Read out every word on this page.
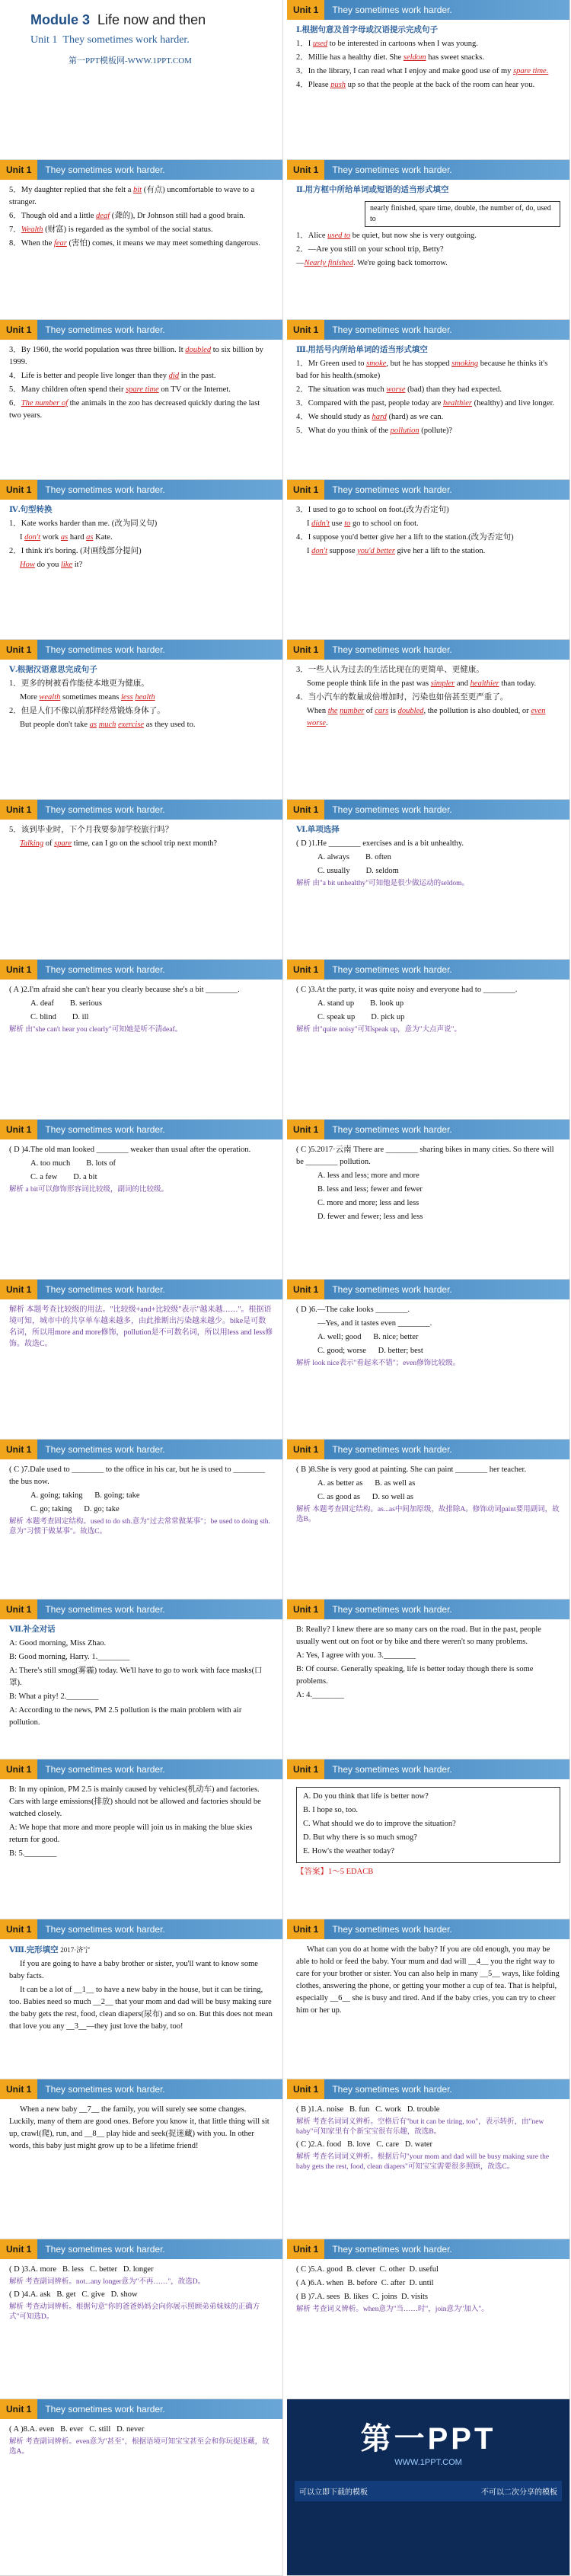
Module 3 Life now and then
Unit 1 They sometimes work harder.
第一PPT模板网-WWW.1PPT.COM
Unit 1	They sometimes work harder.

Ⅰ.根据句意及首字母或汉语提示完成句子

1．I used to be interested in cartoons when I was young.

2．Millie has a healthy diet. She seldom has sweet snacks.

3．In the library, I can read what I enjoy and make good use of my spare time.

4．Please push up so that the people at the back of the room can hear you.

Unit 1	They sometimes work harder.

5．My daughter replied that she felt a bit (有点) uncomfortable to wave to a stranger.

6．Though old and a little deaf (聋的), Dr Johnson still had a good brain.

7．Wealth (财富) is regarded as the symbol of the social status.

8．When the fear (害怕) comes, it means we may meet something dangerous.

Unit 1	They sometimes work harder.

Ⅱ.用方框中所给单词或短语的适当形式填空

nearly finished, spare time, double, the number of, do, used to

1．Alice used to be quiet, but now she is very outgoing.

2．—Are you still on your school trip, Betty?

—Nearly finished. We're going back tomorrow.

Unit 1	They sometimes work harder.

3．By 1960, the world population was three billion. It doubled to six billion by 1999.

4．Life is better and people live longer than they did in the past.

5．Many children often spend their spare time on TV or the Internet.

6．The number of the animals in the zoo has decreased quickly during the last two years.

Unit 1	They sometimes work harder.

Ⅲ.用括号内所给单词的适当形式填空

1．Mr Green used to smoke, but he has stopped smoking because he thinks it's bad for his health.(smoke)

2．The situation was much worse (bad) than they had expected.

3．Compared with the past, people today are healthier (healthy) and live longer.

4．We should study as hard (hard) as we can.

5．What do you think of the pollution (pollute)?

Unit 1	They sometimes work harder.

Ⅳ.句型转换

1．Kate works harder than me. (改为同义句)

I don't work as hard as Kate.

2．I think it's boring. (对画线部分提问)

How do you like it?

Unit 1	They sometimes work harder.

3．I used to go to school on foot.(改为否定句)

I didn't use to go to school on foot.

4．I suppose you'd better give her a lift to the station.(改为否定句)

I don't suppose you'd better give her a lift to the station.

Unit 1	They sometimes work harder.

Ⅴ.根据汉语意思完成句子

1．更多的树被看作能使本地更为健康。

More wealth sometimes means less health

2．但是人们不像以前那样经常锻炼身体了。

But people don't take as much exercise as they used to.

Unit 1	They sometimes work harder.

3．一些人认为过去的生活比现在的更简单、更健康。

Some people think life in the past was simpler and healthier than today.

4．当小汽车的数量成倍增加时，污染也如倍甚至更严重了。

When the number of cars is doubled, the pollution is also doubled, or even worse.

Unit 1	They sometimes work harder.

5．该到毕业时，下个月我要参加学校旅行吗？

Talking of spare time, can I go on the school trip next month?

Unit 1	They sometimes work harder.

Ⅵ.单项选择

( D )1.He ________ exercises and is a bit unhealthy.

A. always B. often

C. usually D. seldom

解析 由"a bit unhealthy"可知他是很少做运动的seldom。

Unit 1	They sometimes work harder.

( A )2.I'm afraid she can't hear you clearly because she's a bit ________.

A. deaf B. serious

C. blind D. ill

解析 由"she can't hear you clearly"可知她是听不清deaf。

Unit 1	They sometimes work harder.

( C )3.At the party, it was quite noisy and everyone had to ________.

A. stand up B. look up

C. speak up D. pick up

解析 由"quite noisy"可知speak up，意为"大点声说"。

Unit 1	They sometimes work harder.

( D )4.The old man looked ________ weaker than usual after the operation.

A. too much B. lots of

C. a few D. a bit

解析 a bit可以修饰形容词比较级，副词的比较级。

Unit 1	They sometimes work harder.

( C )5.2017·云南 There are ________ sharing bikes in many cities. So there will be ________ pollution.

A. less and less; more and more

B. less and less; fewer and fewer

C. more and more; less and less

D. fewer and fewer; less and less

Unit 1	They sometimes work harder.

解析 本题考查比较级的用法。"比较级+and+比较级"表示"越来越……"。根据语境可知，城市中的共享单车越来越多，由此推断出污染越来越少。bike是可数名词，所以用more and more修饰，pollution是不可数名词，所以用less and less修饰。故选C。

Unit 1	They sometimes work harder.

( D )6.—The cake looks ________.

—Yes, and it tastes even ________.

A. well; good B. nice; better

C. good; worse D. better; best

解析 look nice表示"看起来不错"；even修饰比较级。

Unit 1	They sometimes work harder.

( C )7.Dale used to ________ to the office in his car, but he is used to ________ the bus now.

A. going; taking B. going; take

C. go; taking D. go; take

解析 本题考查固定结构。used to do sth.意为"过去常常做某事"；be used to doing sth.意为"习惯于做某事"。故选C。

Unit 1	They sometimes work harder.

( B )8.She is very good at painting. She can paint ________ her teacher.

A. as better as B. as well as

C. as good as D. so well as

解析 本题考查固定结构。as...as中间加原级，故排除A。修饰动词paint要用副词，故选B。

Unit 1	They sometimes work harder.

Ⅶ.补全对话

A: Good morning, Miss Zhao.

B: Good morning, Harry. 1.________

A: There's still smog(雾霾) today. We'll have to go to work with face masks(口罩).

B: What a pity! 2.________

A: According to the news, PM 2.5 pollution is the main problem with air pollution.

Unit 1	They sometimes work harder.

B: Really? I knew there are so many cars on the road. But in the past, people usually went out on foot or by bike and there weren't so many problems.

A: Yes, I agree with you. 3.________

B: Of course. Generally speaking, life is better today though there is some problems.

A: 4.________

Unit 1	They sometimes work harder.

B: In my opinion, PM 2.5 is mainly caused by vehicles(机动车) and factories. Cars with large emissions(排放) should not be allowed and factories should be watched closely.

A: We hope that more and more people will join us in making the blue skies return for good.

B: 5.________

Unit 1	They sometimes work harder.

A. Do you think that life is better now?

B. I hope so, too.

C. What should we do to improve the situation?

D. But why there is so much smog?

E. How's the weather today?

【答案】1～5 EDACB

Unit 1	They sometimes work harder.

Ⅷ.完形填空 2017·济宁

If you are going to have a baby brother or sister, you'll want to know some baby facts.

It can be a lot of __1__ to have a new baby in the house, but it can be tiring, too. Babies need so much __2__ that your mom and dad will be busy making sure the baby gets the rest, food, clean diapers(尿布) and so on. But this does not mean that love you any __3__—they just love the baby, too!

Unit 1	They sometimes work harder.

What can you do at home with the baby? If you are old enough, you may be able to hold or feed the baby. Your mum and dad will __4__ you the right way to care for your brother or sister. You can also help in many __5__ ways, like folding clothes, answering the phone, or getting your mother a cup of tea. That is helpful, especially __6__ she is busy and tired. And if the baby cries, you can try to cheer him or her up.

Unit 1	They sometimes work harder.

When a new baby __7__ the family, you will surely see some changes. Luckily, many of them are good ones. Before you know it, that little thing will sit up, crawl(爬), run, and __8__ play hide and seek(捉迷藏) with you. In other words, this baby just might grow up to be a lifetime friend!

Unit 1	They sometimes work harder.

( B )1.A. noise B. fun C. work D. trouble

解析 考查名词词义辨析。空格后有"but it can be tiring, too"，表示转折，由"new baby"可知家里有个新宝宝很有乐趣，故选B。

( C )2.A. food B. love C. care D. water

解析 考查名词词义辨析。根据后句"your mom and dad will be busy making sure the baby gets the rest, food, clean diapers"可知宝宝需要很多照顾，故选C。

Unit 1	They sometimes work harder.

( D )3.A. more B. less C. better D. longer

解析 考查副词辨析。not...any longer意为"不再……"，故选D。

( D )4.A. ask B. get C. give D. show

解析 考查动词辨析。根据句意"你的爸爸妈妈会向你展示照顾弟弟妹妹的正确方式"可知选D。

Unit 1	They sometimes work harder.

( C )5.A. good B. clever C. other D. useful

( A )6.A. when B. before C. after D. until

( B )7.A. sees B. likes C. joins D. visits

解析 考查词义辨析。when意为"当……时"，join意为"加入"。

Unit 1	They sometimes work harder.

( A )8.A. even B. ever C. still D. never

解析 考查副词辨析。even意为"甚至"，根据语境可知宝宝甚至会和你玩捉迷藏，故选A。	第一PPT
WWW.1PPT.COM
可以立即下载的模板	不可以二次分享的模板
